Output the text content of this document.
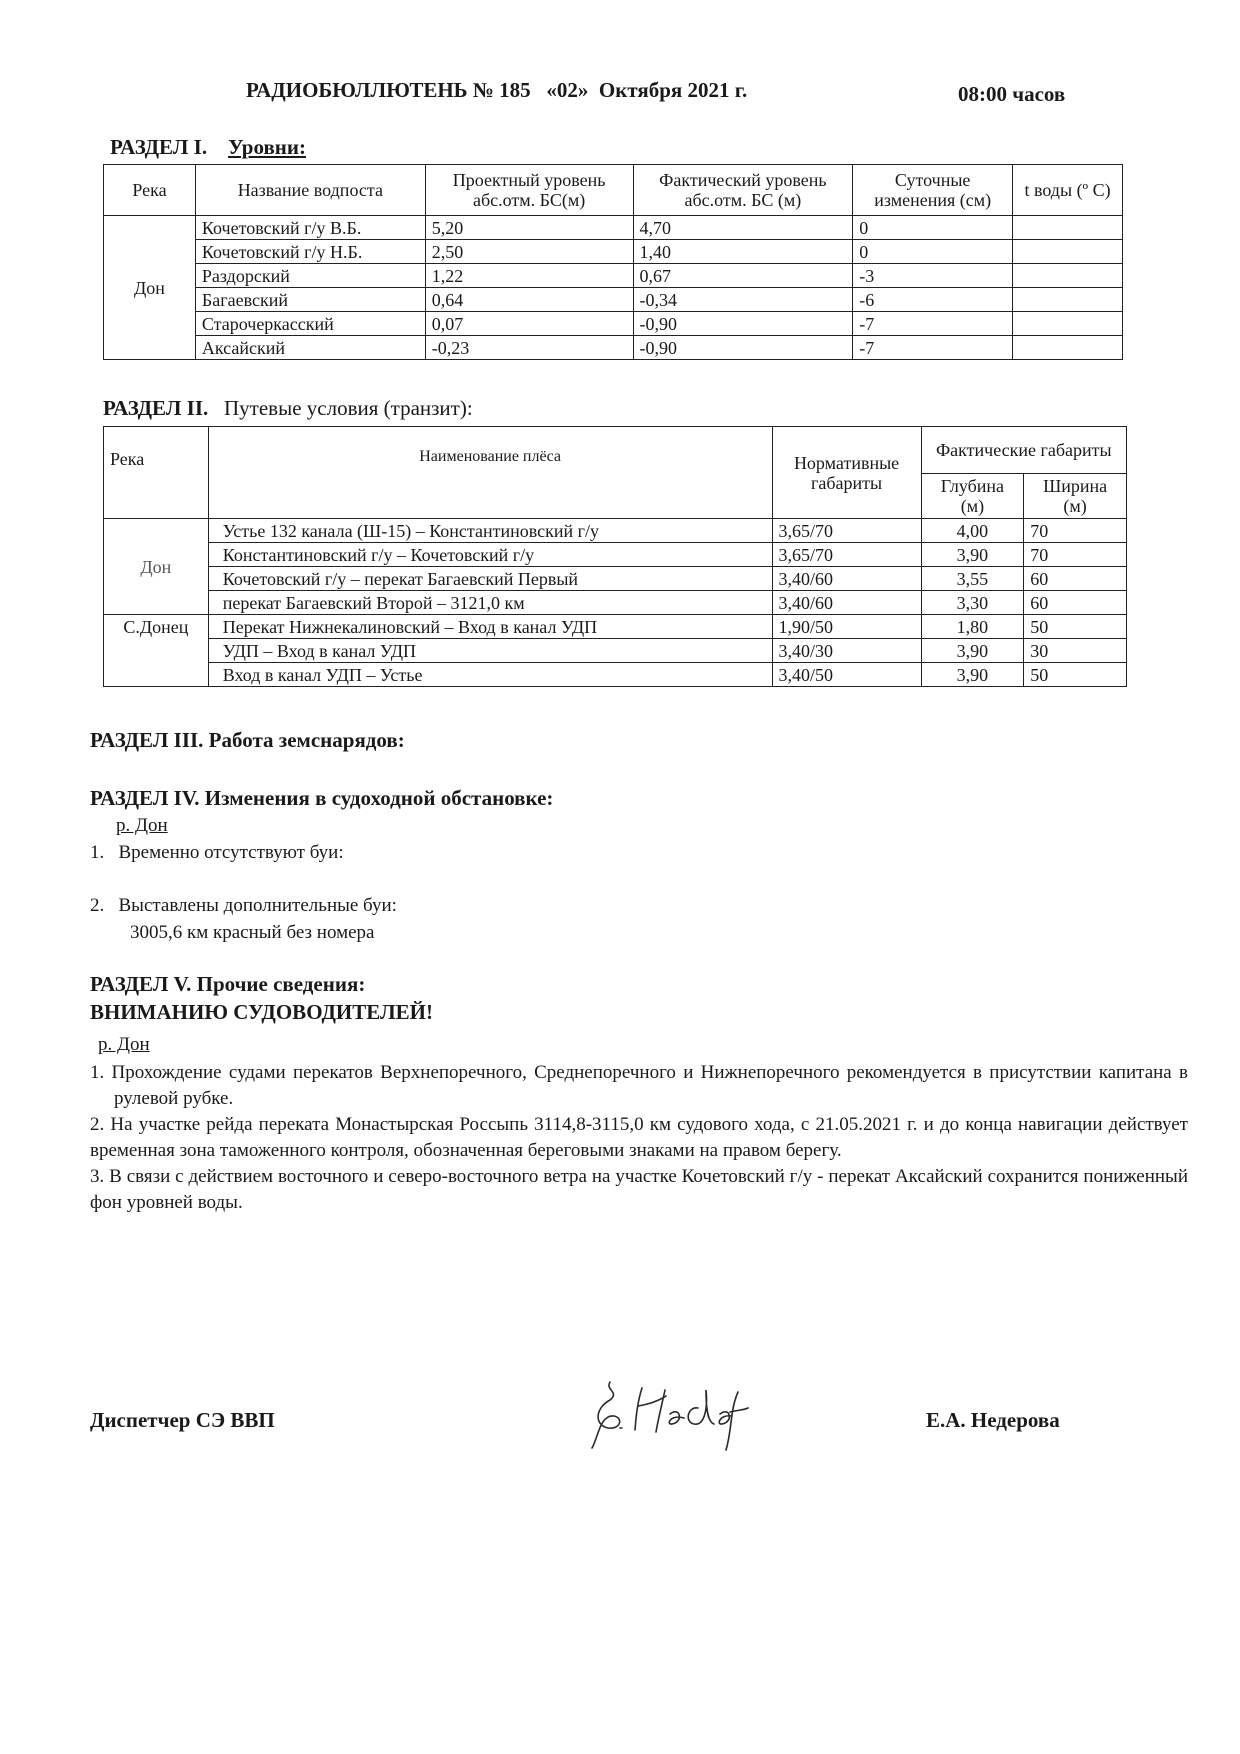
РАДИОБЮЛЛЮТЕНЬ № 185   «02»  Октября 2021 г.	08:00 часов
РАЗДЕЛ I. Уровни:
Река	Название водпоста	Проектный уровень абс.отм. БС(м)	Фактический уровень абс.отм. БС (м)	Суточные изменения (см)	t воды (º С)
Дон	Кочетовский г/у В.Б.	5,20	4,70	0	
	Кочетовский г/у Н.Б.	2,50	1,40	0	
	Раздорский	1,22	0,67	-3	
	Багаевский	0,64	-0,34	-6	
	Старочеркасский	0,07	-0,90	-7	
	Аксайский	-0,23	-0,90	-7	
РАЗДЕЛ II. Путевые условия (транзит):
Река	Наименование плёса	Нормативные габариты	Фактические габариты	
			Глубина (м)	Ширина (м)
Дон	Устье 132 канала (Ш-15) – Константиновский г/у	3,65/70	4,00	70
	Константиновский г/у – Кочетовский г/у	3,65/70	3,90	70
	Кочетовский г/у – перекат Багаевский Первый	3,40/60	3,55	60
	перекат Багаевский Второй – 3121,0 км	3,40/60	3,30	60
С.Донец	Перекат Нижнекалиновский – Вход в канал УДП	1,90/50	1,80	50
	УДП – Вход в канал УДП	3,40/30	3,90	30
	Вход в канал УДП – Устье	3,40/50	3,90	50
РАЗДЕЛ III. Работа земснарядов:
РАЗДЕЛ IV. Изменения в судоходной обстановке:
р. Дон
1.   Временно отсутствуют буи:
2.   Выставлены дополнительные буи:
3005,6 км красный без номера
РАЗДЕЛ V. Прочие сведения:
ВНИМАНИЮ СУДОВОДИТЕЛЕЙ!
р. Дон

1. Прохождение судами перекатов Верхнепоречного, Среднепоречного и Нижнепоречного рекомендуется в присутствии капитана в рулевой рубке.

2. На участке рейда переката Монастырская Россыпь 3114,8-3115,0 км судового хода, с 21.05.2021 г. и до конца навигации действует временная зона таможенного контроля, обозначенная береговыми знаками на правом берегу.

3. В связи с действием восточного и северо-восточного ветра на участке Кочетовский г/у - перекат Аксайский сохранится пониженный фон уровней воды.

Диспетчер СЭ ВВП
Е.Недеr
Е.А. Недерова
